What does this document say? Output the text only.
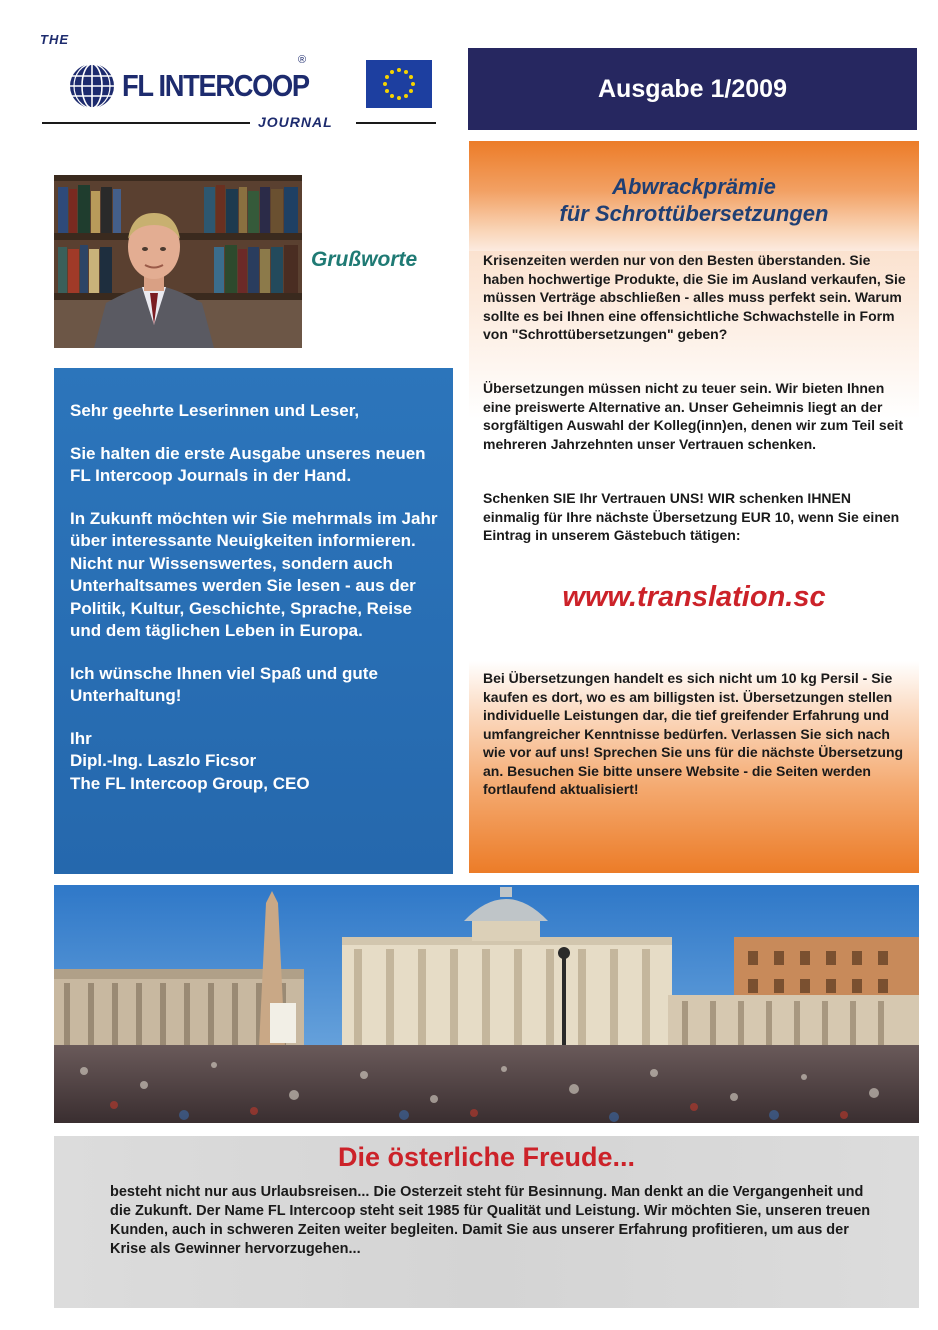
THE
FL INTERCOOP
®
JOURNAL
Ausgabe 1/2009
Grußworte

Sehr geehrte Leserinnen und Leser,

Sie halten die erste Ausgabe unseres neuen FL Intercoop Journals in der Hand.

In Zukunft möchten wir Sie mehrmals im Jahr über interessante Neuigkeiten informieren. Nicht nur Wissenswertes, sondern auch Unterhaltsames werden Sie lesen - aus der Politik, Kultur, Geschichte, Sprache, Reise und dem täglichen Leben in Europa.

Ich wünsche Ihnen viel Spaß und gute Unterhaltung!

Ihr

Dipl.-Ing. Laszlo Ficsor

The FL Intercoop Group, CEO

Abwrackprämie
für Schrottübersetzungen
Krisenzeiten werden nur von den Besten überstanden. Sie haben hochwertige Produkte, die Sie im Ausland verkaufen, Sie müssen Verträge abschließen - alles muss perfekt sein. Warum sollte es bei Ihnen eine offensichtliche Schwachstelle in Form von "Schrottübersetzungen" geben?
Übersetzungen müssen nicht zu teuer sein. Wir bieten Ihnen eine preiswerte Alternative an. Unser Geheimnis liegt an der sorgfältigen Auswahl der Kolleg(inn)en, denen wir zum Teil seit mehreren Jahrzehnten unser Vertrauen schenken.
Schenken SIE Ihr Vertrauen UNS! WIR schenken IHNEN einmalig für Ihre nächste Übersetzung EUR 10, wenn Sie einen Eintrag in unserem Gästebuch tätigen:
www.translation.sc
Bei Übersetzungen handelt es sich nicht um 10 kg Persil - Sie kaufen es dort, wo es am billigsten ist. Übersetzungen stellen individuelle Leistungen dar, die tief greifender Erfahrung und umfangreicher Kenntnisse bedürfen. Verlassen Sie sich nach wie vor auf uns! Sprechen Sie uns für die nächste Übersetzung an. Besuchen Sie bitte unsere Website - die Seiten werden fortlaufend aktualisiert!
Die österliche Freude...
besteht nicht nur aus Urlaubsreisen... Die Osterzeit steht für Besinnung. Man denkt an die Vergangenheit und die Zukunft. Der Name FL Intercoop steht seit 1985 für Qualität und Leistung. Wir möchten Sie, unseren treuen Kunden, auch in schweren Zeiten weiter begleiten. Damit Sie aus unserer Erfahrung profitieren, um aus der Krise als Gewinner hervorzugehen...
